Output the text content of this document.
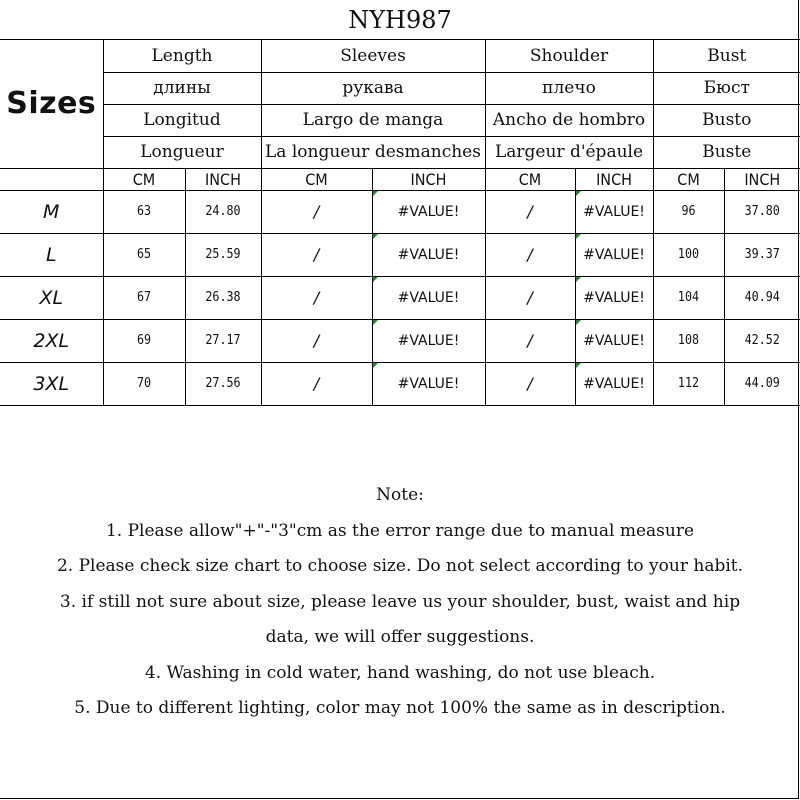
NYH987
Sizes	Length		Sleeves		Shoulder		Bust	
	длины		рукава		плечо		Бюст	
	Longitud		Largo de manga		Ancho de hombro		Busto	
	Longueur		La longueur desmanches		Largeur d'épaule		Buste	
	CM	INCH	CM	INCH	CM	INCH	CM	INCH
M	63	24.80	/	#VALUE!	/	#VALUE!	96	37.80
L	65	25.59	/	#VALUE!	/	#VALUE!	100	39.37
XL	67	26.38	/	#VALUE!	/	#VALUE!	104	40.94
2XL	69	27.17	/	#VALUE!	/	#VALUE!	108	42.52
3XL	70	27.56	/	#VALUE!	/	#VALUE!	112	44.09
Note:
1. Please allow"+"-"3"cm as the error range due to manual measure
2. Please check size chart to choose size. Do not select according to your habit.
3. if still not sure about size, please leave us your shoulder, bust, waist and hip
data, we will offer suggestions.
4. Washing in cold water, hand washing, do not use bleach.
5. Due to different lighting, color may not 100% the same as in description.
